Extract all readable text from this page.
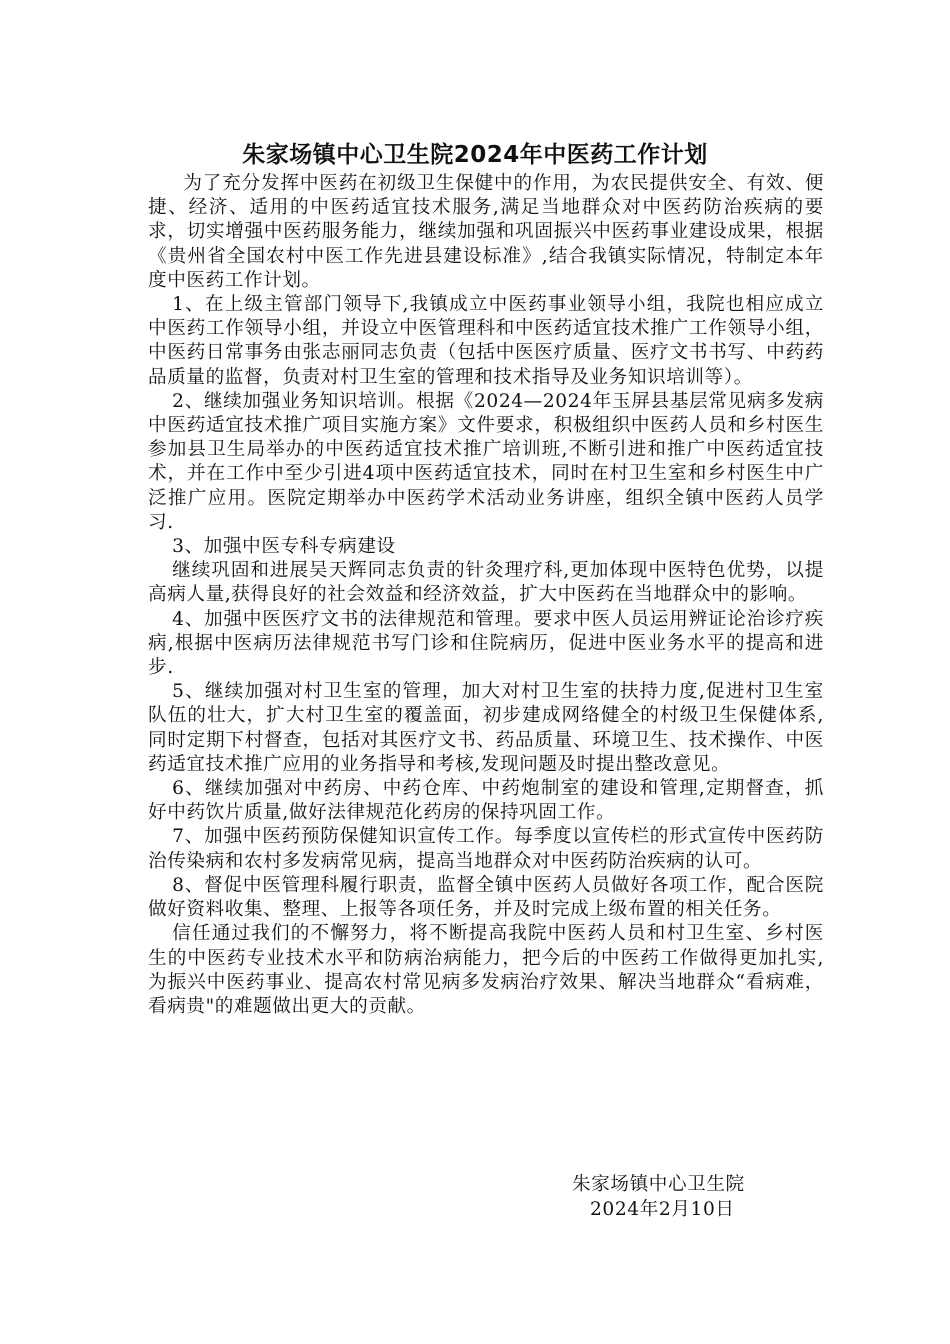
朱家场镇中心卫生院2024年中医药工作计划

为了充分发挥中医药在初级卫生保健中的作用，为农民提供安全、有效、便捷、经济、适用的中医药适宜技术服务,满足当地群众对中医药防治疾病的要求，切实增强中医药服务能力，继续加强和巩固振兴中医药事业建设成果，根据《贵州省全国农村中医工作先进县建设标准》,结合我镇实际情况，特制定本年度中医药工作计划。

1、在上级主管部门领导下,我镇成立中医药事业领导小组，我院也相应成立中医药工作领导小组，并设立中医管理科和中医药适宜技术推广工作领导小组，中医药日常事务由张志丽同志负责（包括中医医疗质量、医疗文书书写、中药药品质量的监督，负责对村卫生室的管理和技术指导及业务知识培训等）。

2、继续加强业务知识培训。根据《2024—2024年玉屏县基层常见病多发病中医药适宜技术推广项目实施方案》文件要求，积极组织中医药人员和乡村医生参加县卫生局举办的中医药适宜技术推广培训班,不断引进和推广中医药适宜技术，并在工作中至少引进4项中医药适宜技术，同时在村卫生室和乡村医生中广泛推广应用。医院定期举办中医药学术活动业务讲座，组织全镇中医药人员学习.

3、加强中医专科专病建设

继续巩固和进展吴天辉同志负责的针灸理疗科,更加体现中医特色优势，以提高病人量,获得良好的社会效益和经济效益，扩大中医药在当地群众中的影响。

4、加强中医医疗文书的法律规范和管理。要求中医人员运用辨证论治诊疗疾病,根据中医病历法律规范书写门诊和住院病历，促进中医业务水平的提高和进步.

5、继续加强对村卫生室的管理，加大对村卫生室的扶持力度,促进村卫生室队伍的壮大，扩大村卫生室的覆盖面，初步建成网络健全的村级卫生保健体系,同时定期下村督查，包括对其医疗文书、药品质量、环境卫生、技术操作、中医药适宜技术推广应用的业务指导和考核,发现问题及时提出整改意见。

6、继续加强对中药房、中药仓库、中药炮制室的建设和管理,定期督查，抓好中药饮片质量,做好法律规范化药房的保持巩固工作。

7、加强中医药预防保健知识宣传工作。每季度以宣传栏的形式宣传中医药防治传染病和农村多发病常见病，提高当地群众对中医药防治疾病的认可。

8、督促中医管理科履行职责，监督全镇中医药人员做好各项工作，配合医院做好资料收集、整理、上报等各项任务，并及时完成上级布置的相关任务。

信任通过我们的不懈努力，将不断提高我院中医药人员和村卫生室、乡村医生的中医药专业技术水平和防病治病能力，把今后的中医药工作做得更加扎实,为振兴中医药事业、提高农村常见病多发病治疗效果、解决当地群众“看病难，看病贵"的难题做出更大的贡献。

朱家场镇中心卫生院
2024年2月10日
